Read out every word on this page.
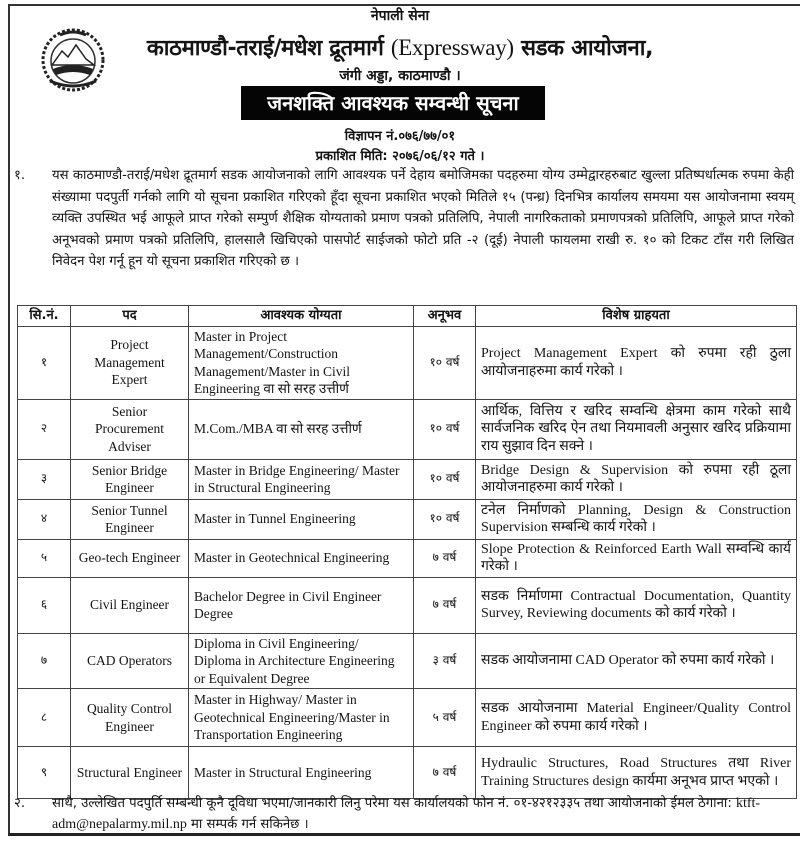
नेपाली सेना
काठमाण्डौ-तराई/मधेश द्रूतमार्ग (Expressway) सडक आयोजना,
जंगी अड्डा, काठमाण्डौ ।
जनशक्ति आवश्यक सम्वन्धी सूचना
विज्ञापन नं.०७६/७७/०१
प्रकाशित मिति: २०७६/०६/१२ गते ।
१. यस काठमाण्डौ-तराई/मधेश द्रूतमार्ग सडक आयोजनाको लागि आवश्यक पर्ने देहाय बमोजिमका पदहरुमा योग्य उम्मेद्वारहरुबाट खुल्ला प्रतिष्पर्धात्मक रुपमा केही संख्यामा पदपुर्ती गर्नको लागि यो सूचना प्रकाशित गरिएको हूँदा सूचना प्रकाशित भएको मितिले १५ (पन्ध्र) दिनभित्र कार्यालय समयमा यस आयोजनामा स्वयम् व्यक्ति उपस्थित भई आफूले प्राप्त गरेको सम्पुर्ण शैक्षिक योग्यताको प्रमाण पत्रको प्रतिलिपि, नेपाली नागरिकताको प्रमाणपत्रको प्रतिलिपि, आफूले प्राप्त गरेको अनूभवको प्रमाण पत्रको प्रतिलिपि, हालसालै खिचिएको पासपोर्ट साईजको फोटो प्रति -२ (दूई) नेपाली फायलमा राखी रु. १० को टिकट टाँस गरी लिखित निवेदन पेश गर्नू हून यो सूचना प्रकाशित गरिएको छ ।
सि.नं.	पद	आवश्यक योग्यता	अनूभव	विशेष ग्राहयता
१	Project Management Expert	Master in Project Management/Construction Management/Master in Civil Engineering वा सो सरह उत्तीर्ण	१० वर्ष	Project Management Expert को रुपमा रही ठुला आयोजनाहरुमा कार्य गरेको ।
२	Senior Procurement Adviser	M.Com./MBA वा सो सरह उत्तीर्ण	१० वर्ष	आर्थिक, वित्तिय र खरिद सम्वन्धि क्षेत्रमा काम गरेको साथै सार्वजनिक खरिद ऐन तथा नियमावली अनुसार खरिद प्रक्रियामा राय सुझाव दिन सक्ने ।
३	Senior Bridge Engineer	Master in Bridge Engineering/ Master in Structural Engineering	१० वर्ष	Bridge Design & Supervision को रुपमा रही ठूला आयोजनाहरुमा कार्य गरेको ।
४	Senior Tunnel Engineer	Master in Tunnel Engineering	१० वर्ष	टनेल निर्माणको Planning, Design & Construction Supervision सम्बन्धि कार्य गरेको ।
५	Geo-tech Engineer	Master in Geotechnical Engineering	७ वर्ष	Slope Protection & Reinforced Earth Wall सम्वन्धि कार्य गरेको ।
६	Civil Engineer	Bachelor Degree in Civil Engineer Degree	७ वर्ष	सडक निर्माणमा Contractual Documentation, Quantity Survey, Reviewing documents को कार्य गरेको ।
७	CAD Operators	Diploma in Civil Engineering/ Diploma in Architecture Engineering or Equivalent Degree	३ वर्ष	सडक आयोजनामा CAD Operator को रुपमा कार्य गरेको ।
८	Quality Control Engineer	Master in Highway/ Master in Geotechnical Engineering/Master in Transportation Engineering	५ वर्ष	सडक आयोजनामा Material Engineer/Quality Control Engineer को रुपमा कार्य गरेको ।
९	Structural Engineer	Master in Structural Engineering	७ वर्ष	Hydraulic Structures, Road Structures तथा River Training Structures design कार्यमा अनूभव प्राप्त भएको ।
२. साथै, उल्लेखित पदपुर्ति सम्बन्धी कूनै दूविधा भएमा/जानकारी लिनु परेमा यस कार्यालयको फोन नं. ०१-४२१२३३५ तथा आयोजनाको ईमल ठेगाना: ktft-adm@nepalarmy.mil.np मा सम्पर्क गर्न सकिनेछ ।
